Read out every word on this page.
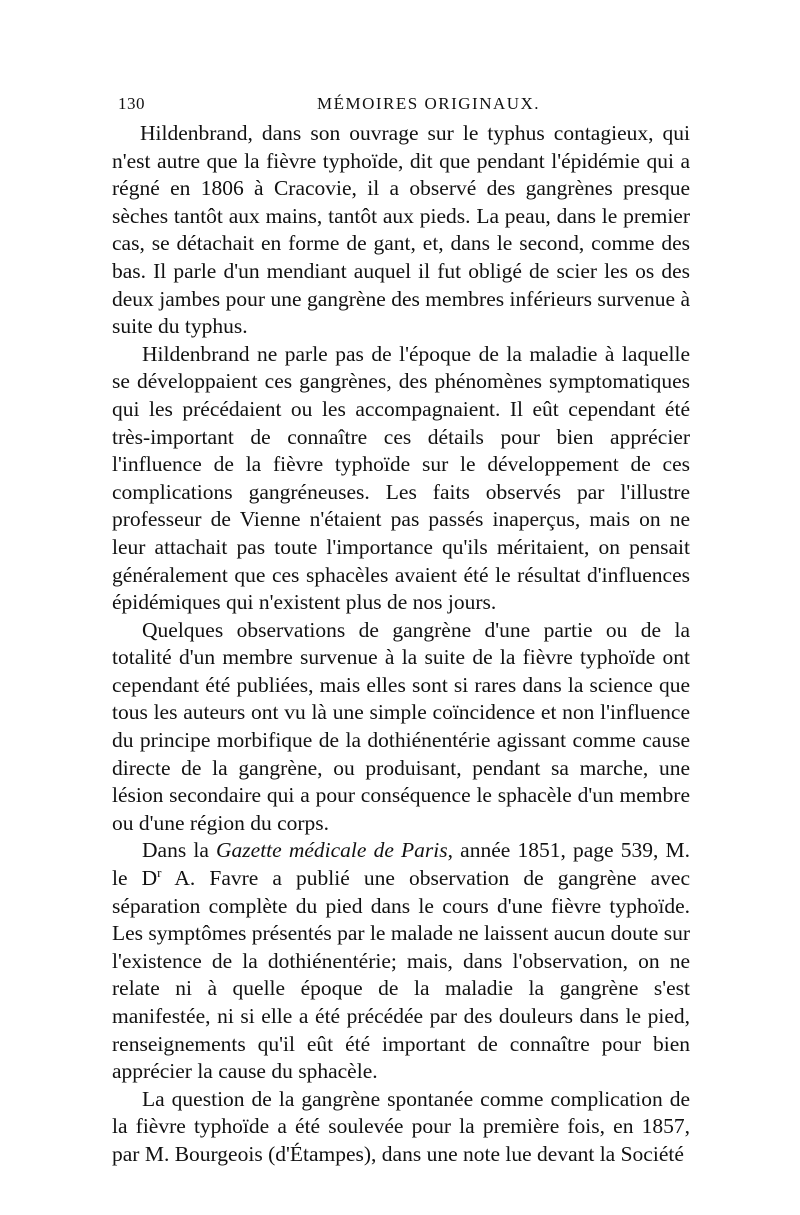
130	MÉMOIRES ORIGINAUX.

Hildenbrand, dans son ouvrage sur le typhus contagieux, qui n'est autre que la fièvre typhoïde, dit que pendant l'épidémie qui a régné en 1806 à Cracovie, il a observé des gangrènes presque sèches tantôt aux mains, tantôt aux pieds. La peau, dans le premier cas, se détachait en forme de gant, et, dans le second, comme des bas. Il parle d'un mendiant auquel il fut obligé de scier les os des deux jambes pour une gangrène des membres inférieurs survenue à suite du typhus.

Hildenbrand ne parle pas de l'époque de la maladie à laquelle se développaient ces gangrènes, des phénomènes symptomatiques qui les précédaient ou les accompagnaient. Il eût cependant été très-important de connaître ces détails pour bien apprécier l'influence de la fièvre typhoïde sur le développement de ces complications gangréneuses. Les faits observés par l'illustre professeur de Vienne n'étaient pas passés inaperçus, mais on ne leur attachait pas toute l'importance qu'ils méritaient, on pensait généralement que ces sphacèles avaient été le résultat d'influences épidémiques qui n'existent plus de nos jours.

Quelques observations de gangrène d'une partie ou de la totalité d'un membre survenue à la suite de la fièvre typhoïde ont cependant été publiées, mais elles sont si rares dans la science que tous les auteurs ont vu là une simple coïncidence et non l'influence du principe morbifique de la dothiénentérie agissant comme cause directe de la gangrène, ou produisant, pendant sa marche, une lésion secondaire qui a pour conséquence le sphacèle d'un membre ou d'une région du corps.

Dans la Gazette médicale de Paris, année 1851, page 539, M. le $D^r$ A. Favre a publié une observation de gangrène avec séparation complète du pied dans le cours d'une fièvre typhoïde. Les symptômes présentés par le malade ne laissent aucun doute sur l'existence de la dothiénentérie; mais, dans l'observation, on ne relate ni à quelle époque de la maladie la gangrène s'est manifestée, ni si elle a été précédée par des douleurs dans le pied, renseignements qu'il eût été important de connaître pour bien apprécier la cause du sphacèle.

La question de la gangrène spontanée comme complication de la fièvre typhoïde a été soulevée pour la première fois, en 1857, par M. Bourgeois (d'Étampes), dans une note lue devant la Société
